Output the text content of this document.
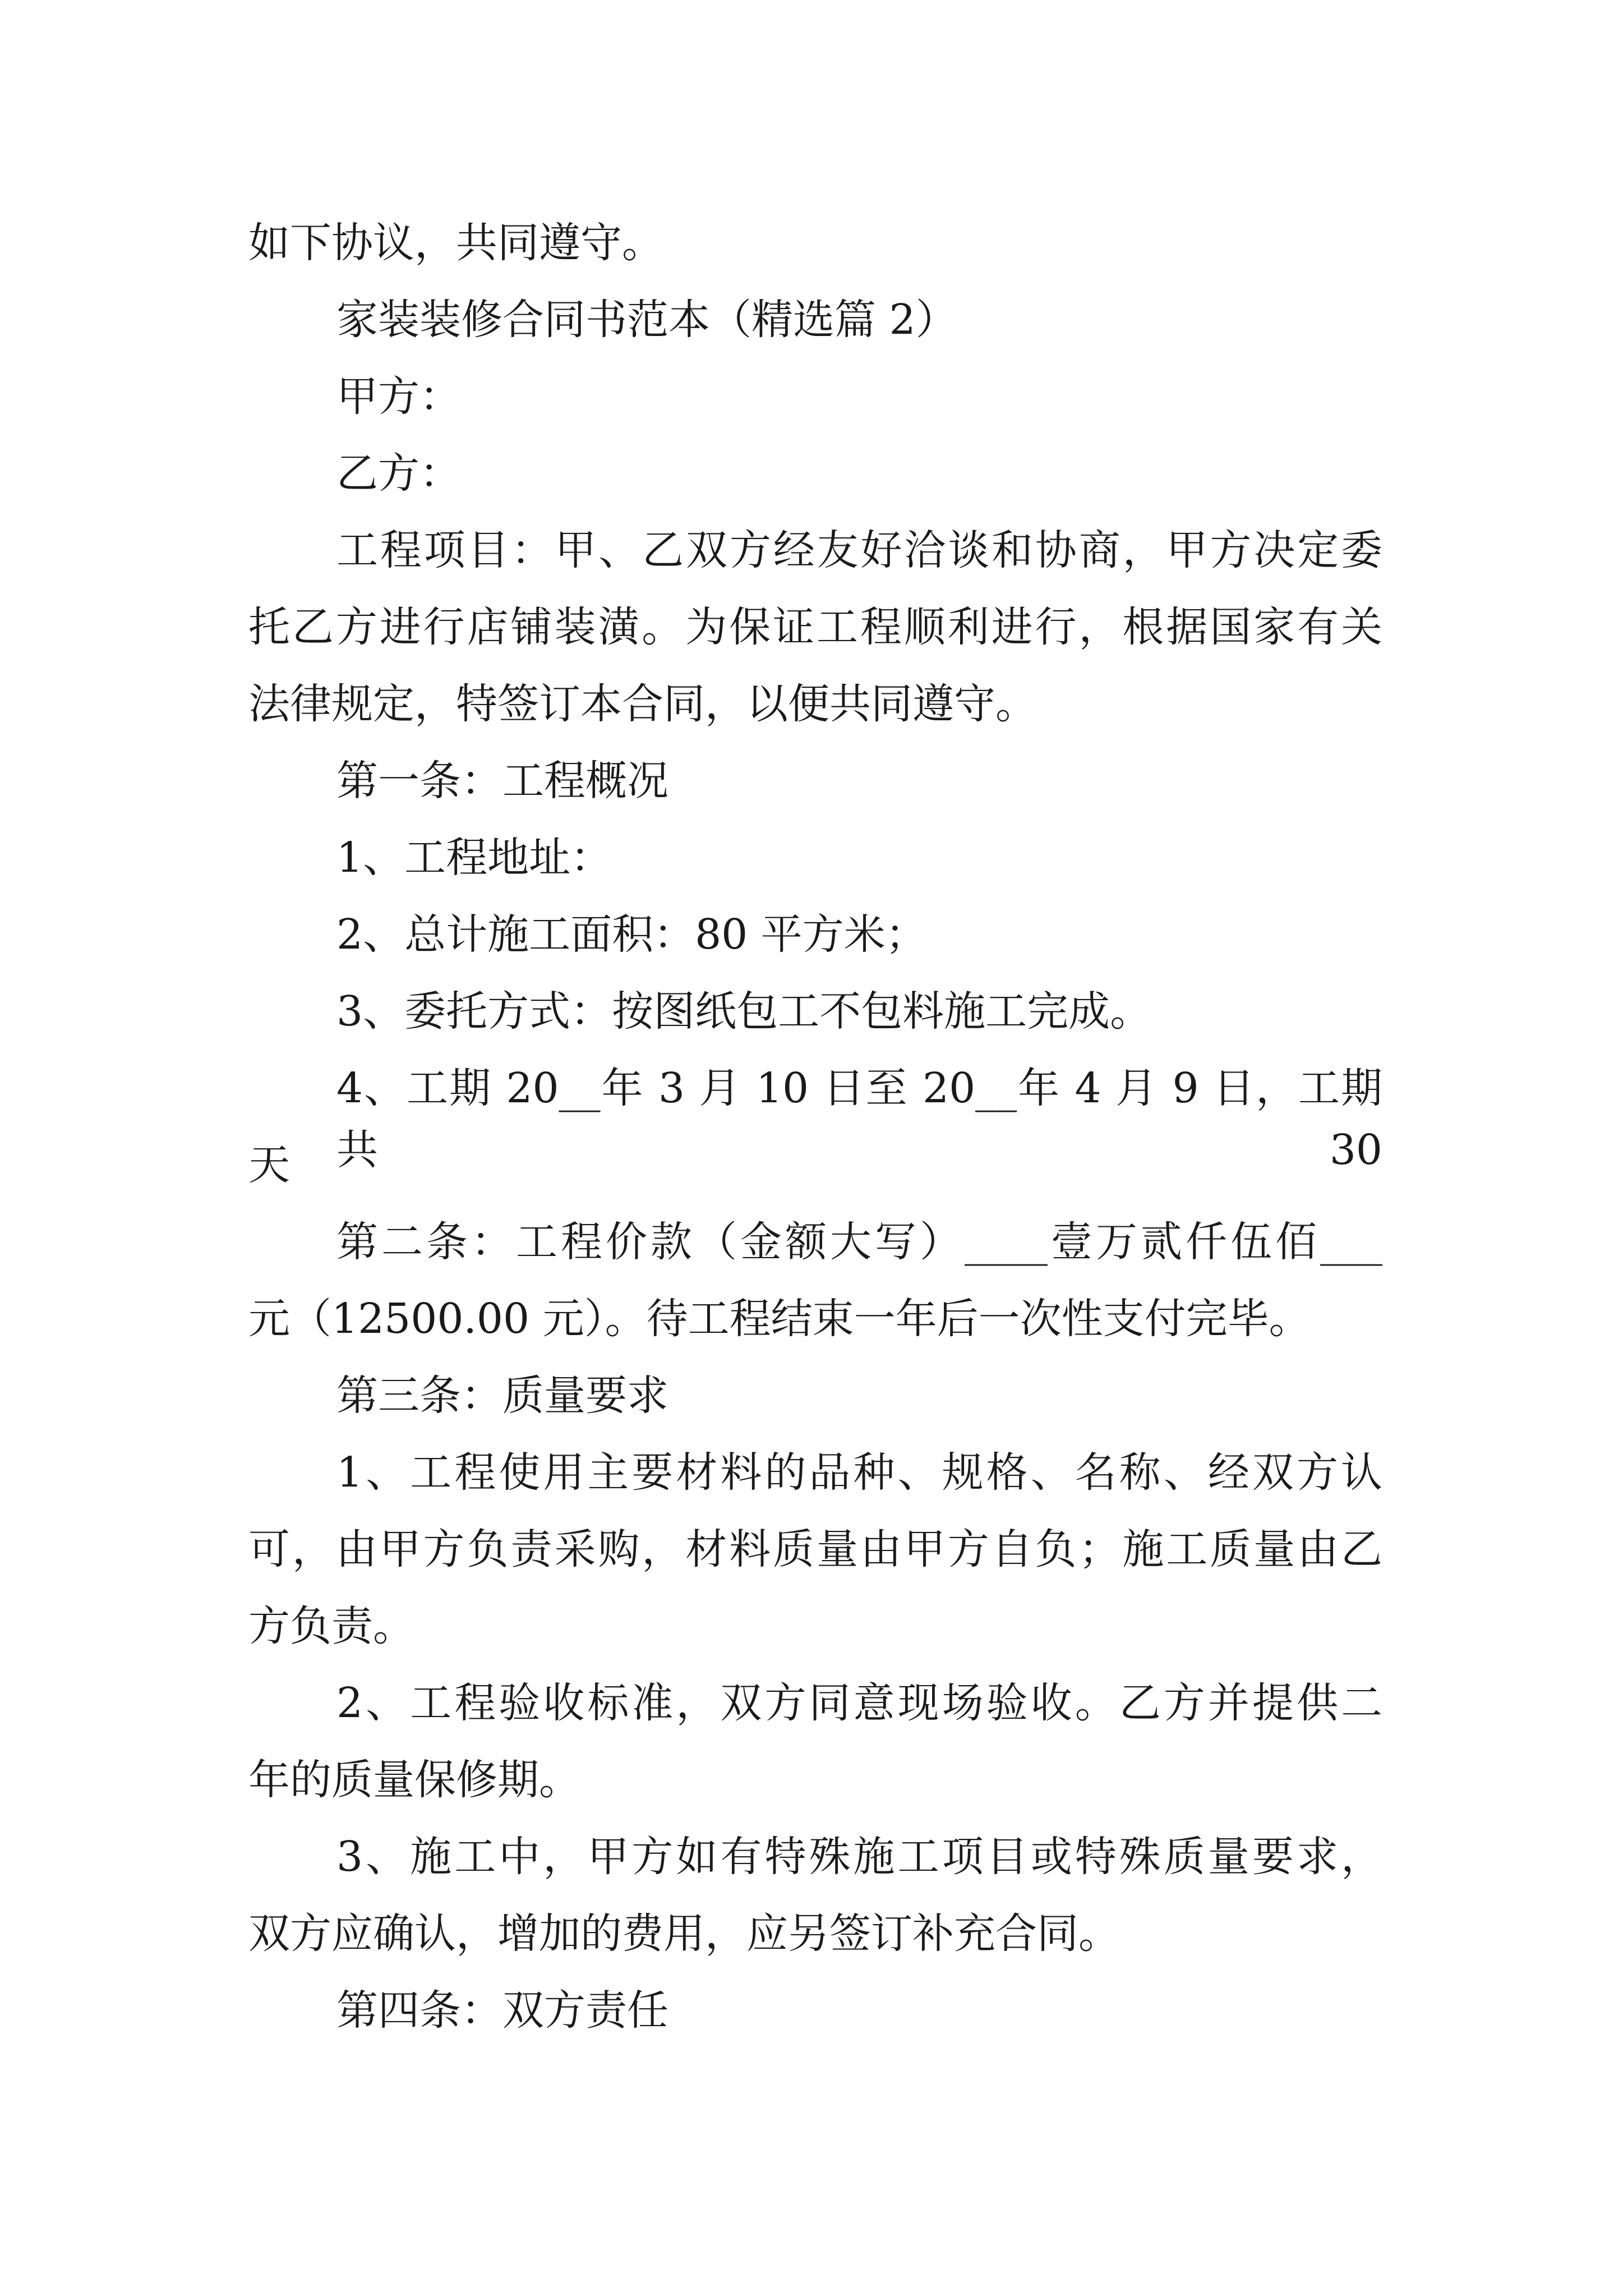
如下协议，共同遵守。

家装装修合同书范本（精选篇 2）

甲方：

乙方：

工程项目：甲、乙双方经友好洽谈和协商，甲方决定委

托乙方进行店铺装潢。为保证工程顺利进行，根据国家有关

法律规定，特签订本合同，以便共同遵守。

第一条：工程概况

1、工程地址：

2、总计施工面积：80 平方米；

3、委托方式：按图纸包工不包料施工完成。

4、工期 20__年 3 月 10 日至 20__年 4 月 9 日，工期共 30

天

第二条：工程价款（金额大写）____壹万贰仟伍佰___

元（12500.00 元）。待工程结束一年后一次性支付完毕。

第三条：质量要求

1、工程使用主要材料的品种、规格、名称、经双方认

可，由甲方负责采购，材料质量由甲方自负；施工质量由乙

方负责。

2、工程验收标准，双方同意现场验收。乙方并提供二

年的质量保修期。

3、施工中，甲方如有特殊施工项目或特殊质量要求，

双方应确认，增加的费用，应另签订补充合同。

第四条：双方责任
